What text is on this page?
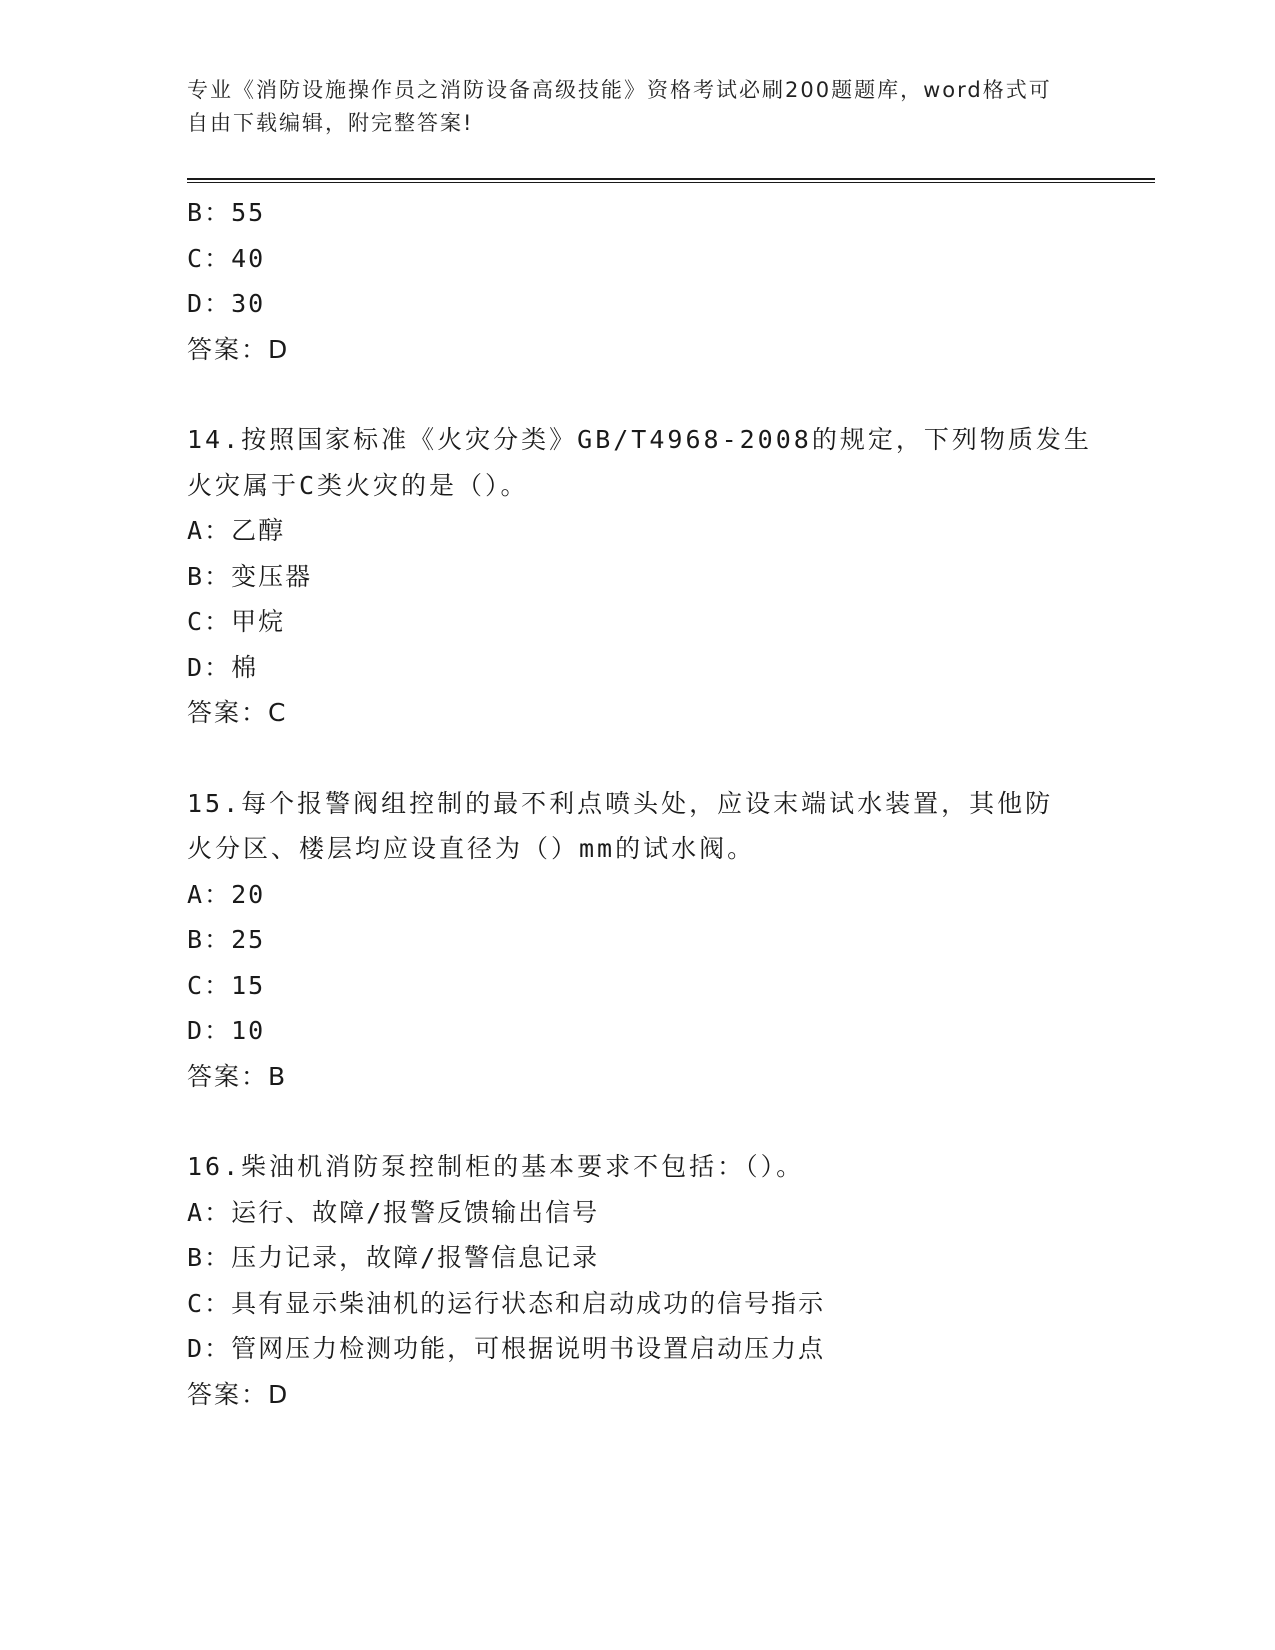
专业《消防设施操作员之消防设备高级技能》资格考试必刷200题题库，word格式可自由下载编辑，附完整答案!
B：55
C：40
D：30
答案：D
14.按照国家标准《火灾分类》GB/T4968-2008的规定，下列物质发生
火灾属于C类火灾的是（）。
A：乙醇
B：变压器
C：甲烷
D：棉
答案：C
15.每个报警阀组控制的最不利点喷头处，应设末端试水装置，其他防
火分区、楼层均应设直径为（）mm的试水阀。
A：20
B：25
C：15
D：10
答案：B
16.柴油机消防泵控制柜的基本要求不包括：（）。
A：运行、故障/报警反馈输出信号
B：压力记录，故障/报警信息记录
C：具有显示柴油机的运行状态和启动成功的信号指示
D：管网压力检测功能，可根据说明书设置启动压力点
答案：D
